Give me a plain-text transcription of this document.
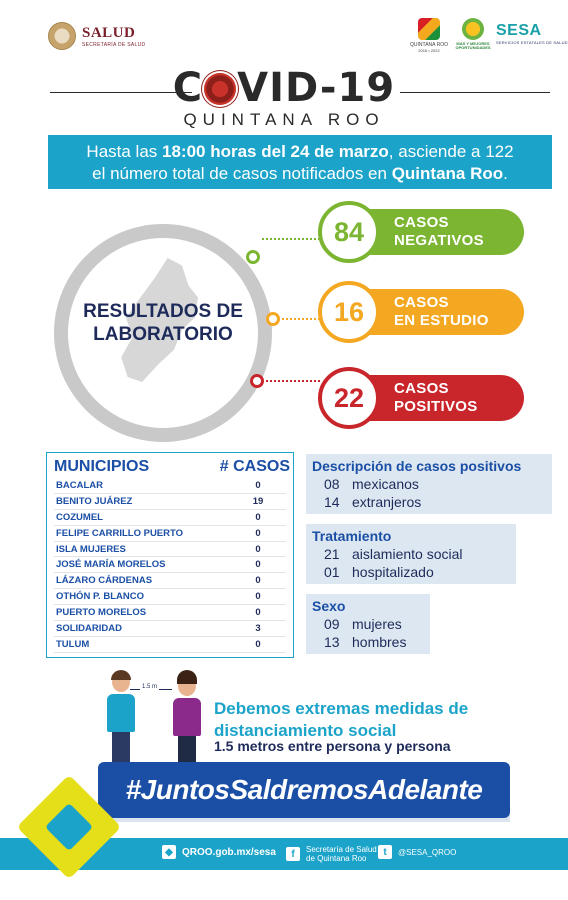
SALUD
SECRETARÍA DE SALUD	QUINTANA ROO
2016 • 2022
MÁS Y MEJORES OPORTUNIDADES
SESA
SERVICIOS ESTATALES DE SALUD
C VID-19
QUINTANA ROO
Hasta las 18:00 horas del 24 de marzo, asciende a 122
el número total de casos notificados en Quintana Roo.
RESULTADOS DE
LABORATORIO
84	CASOS
NEGATIVOS
16	CASOS
EN ESTUDIO
22	CASOS
POSITIVOS
MUNICIPIOS	# CASOS
BACALAR	0
BENITO JUÁREZ	19
COZUMEL	0
FELIPE CARRILLO PUERTO	0
ISLA MUJERES	0
JOSÉ MARÍA MORELOS	0
LÁZARO CÁRDENAS	0
OTHÓN P. BLANCO	0
PUERTO MORELOS	0
SOLIDARIDAD	3
TULUM	0
Descripción de casos positivos
08 mexicanos
14 extranjeros
Tratamiento
21 aislamiento social
01 hospitalizado
Sexo
09 mujeres
13 hombres
1.5 m
Debemos extremas medidas de
distanciamiento social
1.5 metros entre persona y persona
#JuntosSaldremosAdelante
◆ QROO.gob.mx/sesa	f	Secretaría de Salud
de Quintana Roo
t	@SESA_QROO
